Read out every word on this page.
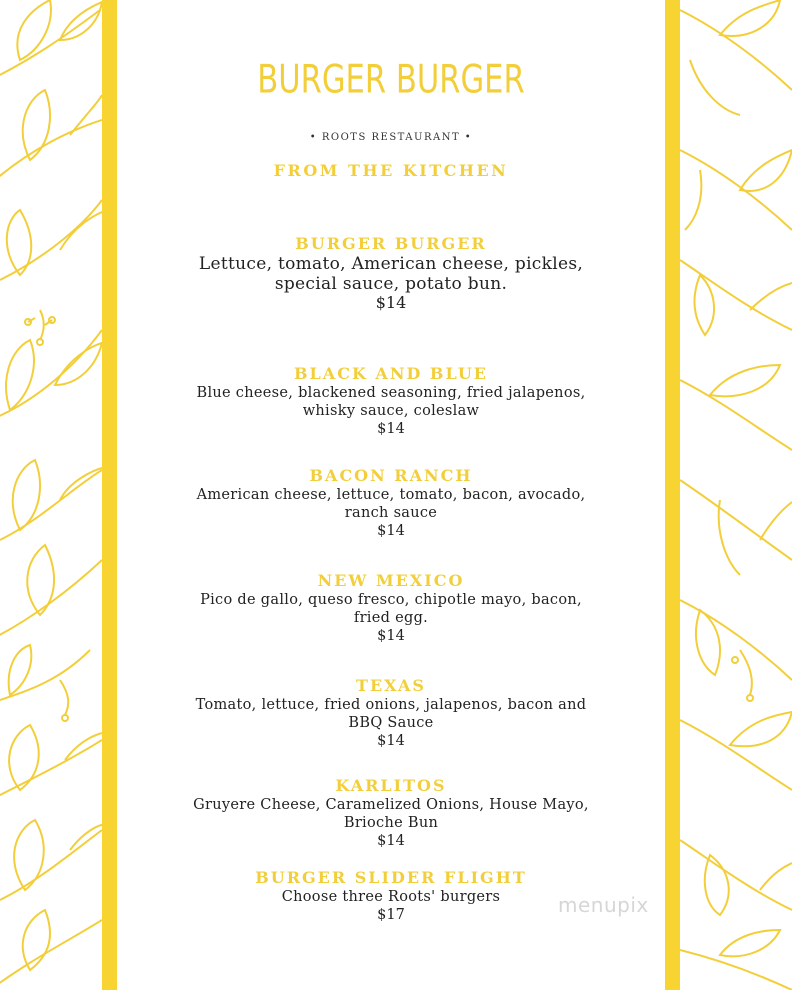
BURGER BURGER
• ROOTS RESTAURANT •
FROM THE KITCHEN
BURGER BURGER
Lettuce, tomato, American cheese, pickles,
special sauce, potato bun.
$14
BLACK AND BLUE
Blue cheese, blackened seasoning, fried jalapenos,
whisky sauce, coleslaw
$14
BACON RANCH
American cheese, lettuce, tomato, bacon, avocado,
ranch sauce
$14
NEW MEXICO
Pico de gallo, queso fresco, chipotle mayo, bacon,
fried egg.
$14
TEXAS
Tomato, lettuce, fried onions, jalapenos, bacon and
BBQ Sauce
$14
KARLITOS
Gruyere Cheese, Caramelized Onions, House Mayo,
Brioche Bun
$14
BURGER SLIDER FLIGHT
Choose three Roots' burgers
$17	menupix
